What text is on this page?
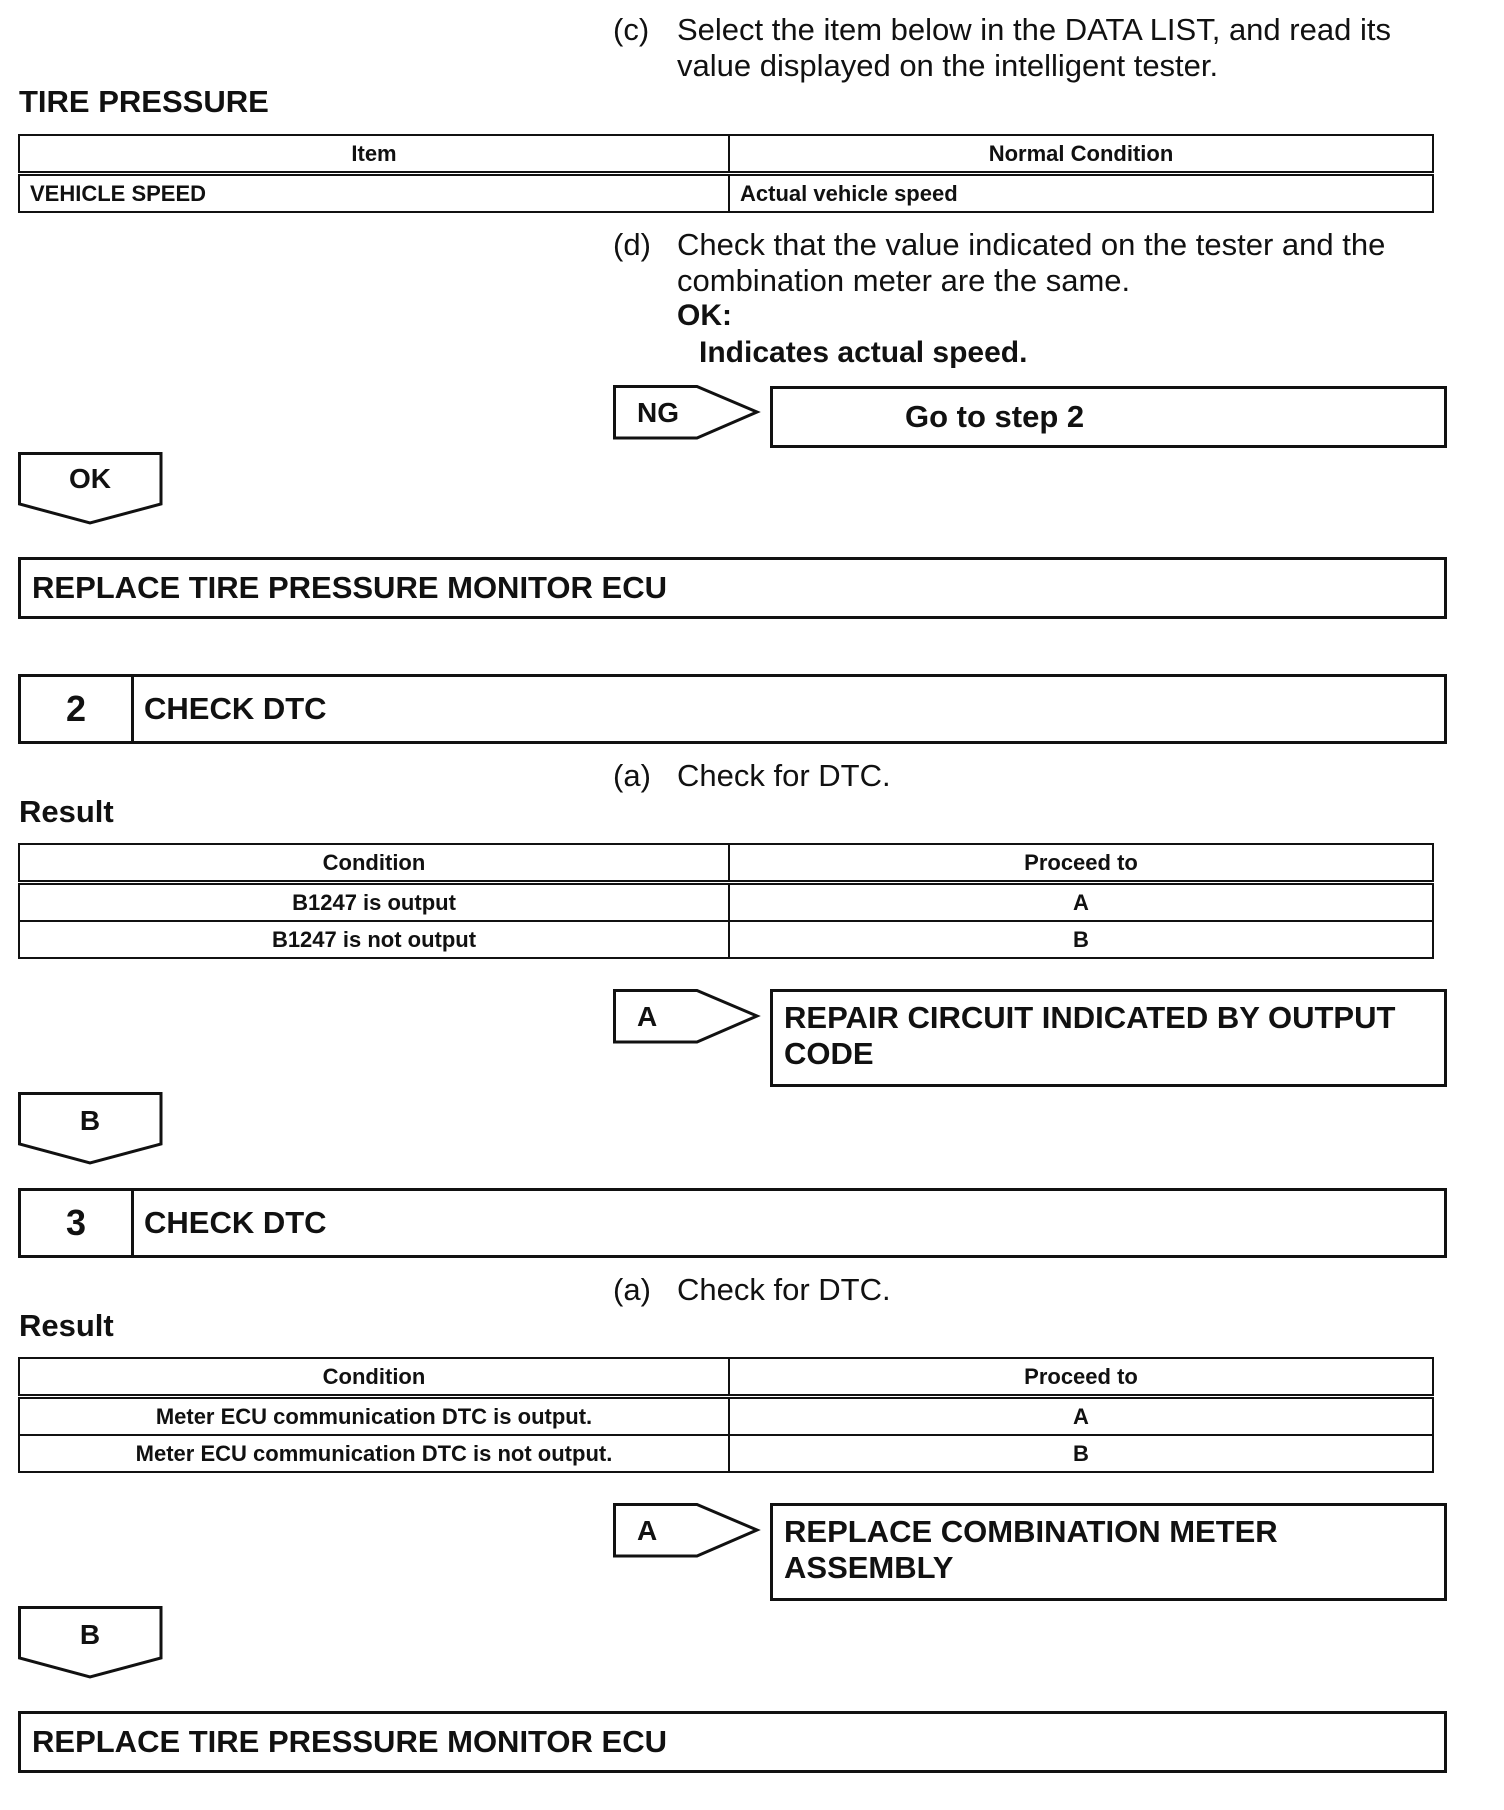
(c) Select the item below in the DATA LIST, and read its value displayed on the intelligent tester.
TIRE PRESSURE
Item	Normal Condition
VEHICLE SPEED	Actual vehicle speed
(d) Check that the value indicated on the tester and the combination meter are the same.
OK:
Indicates actual speed.
NG	Go to step 2
OK
REPLACE TIRE PRESSURE MONITOR ECU
2	CHECK DTC
(a) Check for DTC.
Result
Condition	Proceed to
B1247 is output	A
B1247 is not output	B
A	REPAIR CIRCUIT INDICATED BY OUTPUT CODE
B
3	CHECK DTC
(a) Check for DTC.
Result
Condition	Proceed to
Meter ECU communication DTC is output.	A
Meter ECU communication DTC is not output.	B
A	REPLACE COMBINATION METER ASSEMBLY
B
REPLACE TIRE PRESSURE MONITOR ECU
